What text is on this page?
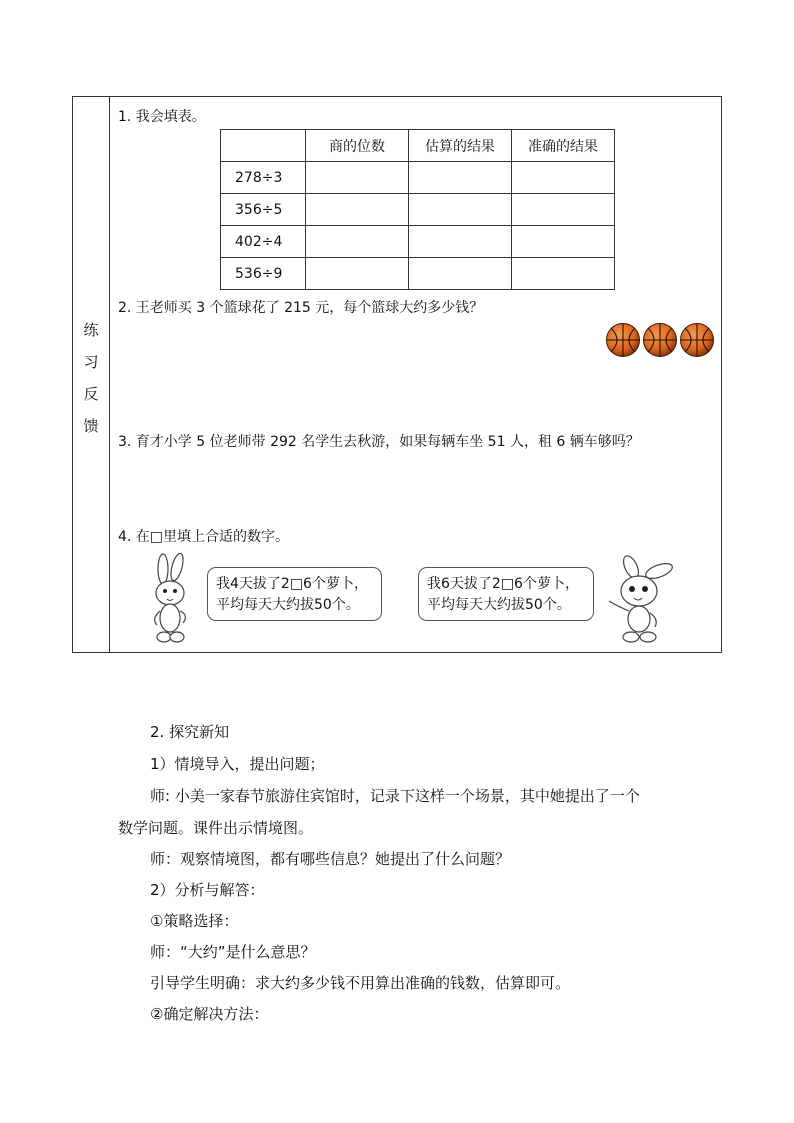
练
习
反
馈
1. 我会填表。
	商的位数	估算的结果	准确的结果
278÷3			
356÷5			
402÷4			
536÷9			
2. 王老师买 3 个篮球花了 215 元，每个篮球大约多少钱？
3. 育才小学 5 位老师带 292 名学生去秋游，如果每辆车坐 51 人，租 6 辆车够吗？
4. 在□里填上合适的数字。
我4天拔了2□6个萝卜，
平均每天大约拔50个。
我6天拔了2□6个萝卜，
平均每天大约拔50个。
2. 探究新知
1）情境导入，提出问题；
师: 小美一家春节旅游住宾馆时，记录下这样一个场景，其中她提出了一个
数学问题。课件出示情境图。
师：观察情境图，都有哪些信息？她提出了什么问题？
2）分析与解答：
①策略选择：
师：“大约”是什么意思？
引导学生明确：求大约多少钱不用算出准确的钱数，估算即可。
②确定解决方法：
